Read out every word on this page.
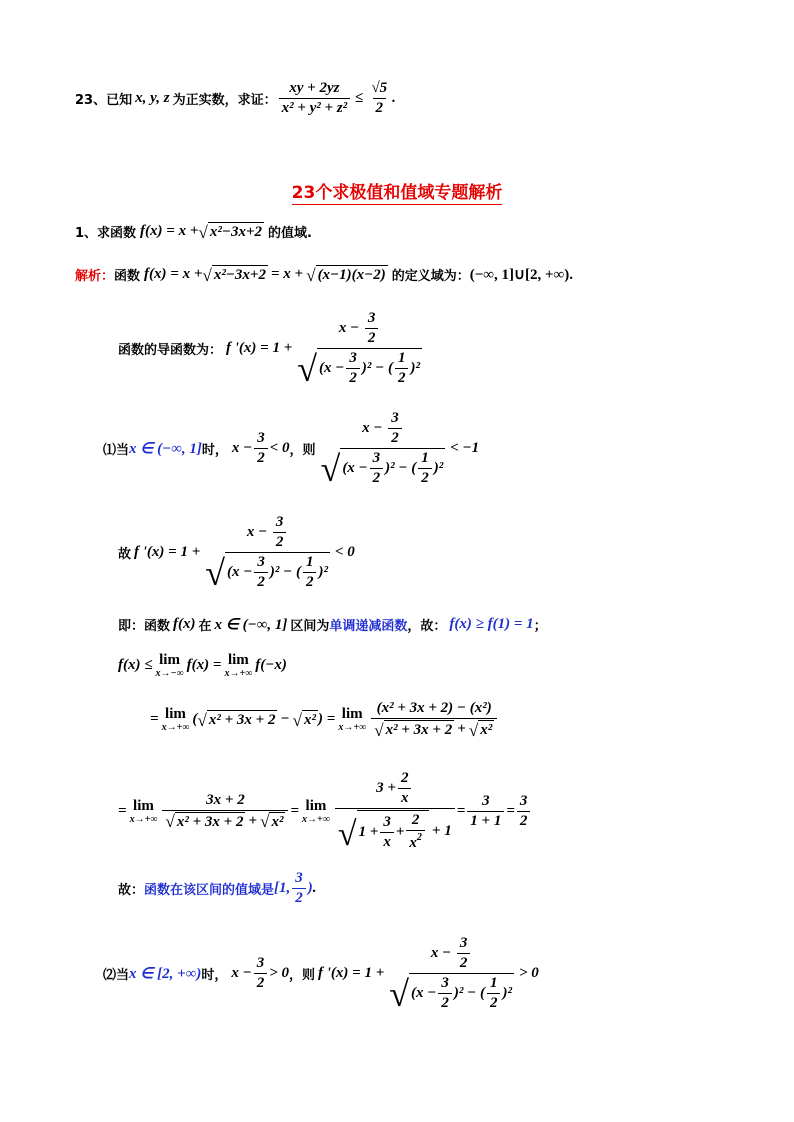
23、 已知 x, y, z 为正实数，求证： $\frac{xy + 2yz}{\text{x² + y² + z²}} \le \frac{√5}{2}$ .
23个求极值和值域专题解析
1、求函数 f(x) = x + √ x²−3x+2 的值域.
解析： 函数 f(x) = x + √ x²−3x+2 = x + √ (x−1)(x−2) 的定义域为： (−∞, 1]∪[2, +∞).
函数的导函数为： f '(x) = 1 +
$x - \frac{3}{2}$
√ $(x - \frac{3}{2} )^2$ − ( $\frac{1}{2} )^2$
⑴当 x ∈ (−∞, 1] 时， $x - \frac{3}{2} < 0$ ，则
$x - \frac{3}{2}$
√ $(x - \frac{3}{2} )^2$ − ( $\frac{1}{2} )^2$
< −1
故 f '(x) = 1 +
$x - \frac{3}{2}$
√ $(x - \frac{3}{2} )^2$ − ( $\frac{1}{2} )^2$
< 0
即：函数 f(x) 在 x ∈ (−∞, 1] 区间为 单调递减函数 ，故： f(x) ≥ f(1) = 1 ；
f(x) ≤ lim
x→−∞
f(x) = lim
x→+∞
f(−x)
= lim
x→+∞
( √ x² + 3x + 2 − √ x² ) = lim
$x\to+\infty \frac{\text{(x² + 3x + 2) − (x²)}}{\text{√ x² + 3x + 2 + √ x²}}$
= lim
$x\to+\infty \frac{3x + 2}{\text{√ x² + 3x + 2 + √ x²}} = \lim$
x→+∞
$3 + \frac{2}{x}$
√ $1 + \frac{3}{x} + \frac{2}{x^2} + 1$
= $\frac{3}{1 + 1} = \frac{3}{2}$
故： 函数在该区间的值域是 [1, $\frac{3}{2}$ ) .
⑵当 x ∈ [2, +∞) 时， $x - \frac{3}{2} > 0$ ，则 f '(x) = 1 +
$x - \frac{3}{2}$
√ $(x - \frac{3}{2} )^2$ − ( $\frac{1}{2} )^2$
> 0
